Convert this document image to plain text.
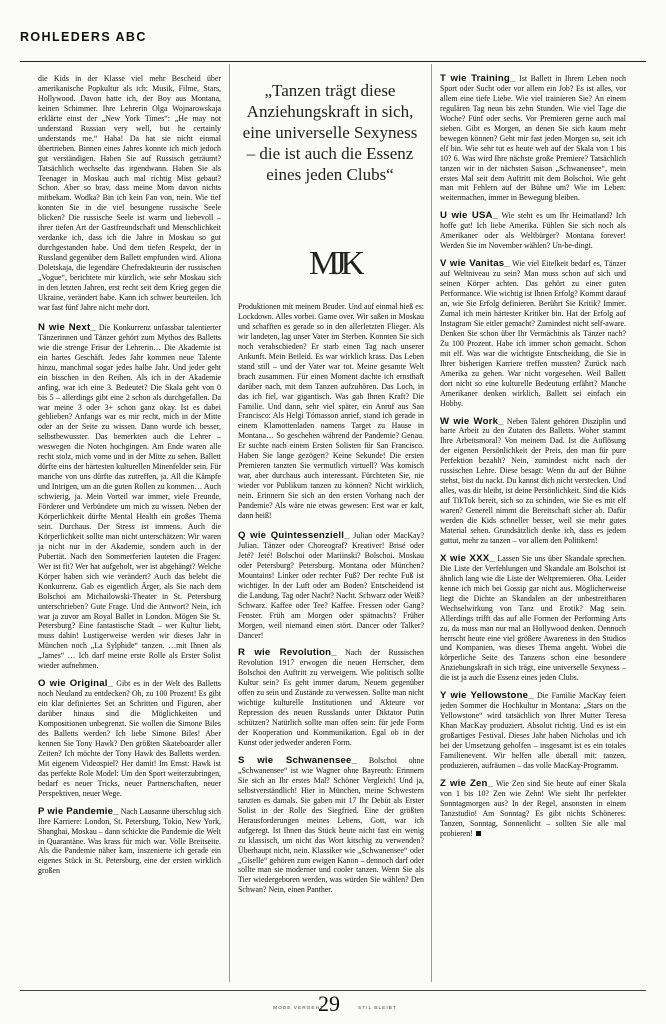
ROHLEDERS ABC

die Kids in der Klasse viel mehr Bescheid über amerikanische Popkultur als ich: Musik, Filme, Stars, Hollywood. Davon hatte ich, der Boy aus Montana, keinen Schimmer. Ihre Lehrerin Olga Wojnarowskaja erklärte einst der „New York Times“: „He may not understand Russian very well, but he certainly understands me.“ Haha! Da hat sie nicht einmal übertrieben. Binnen eines Jahres konnte ich mich jedoch gut verständigen. Haben Sie auf Russisch geträumt? Tatsächlich wechselte das irgendwann. Haben Sie als Teenager in Moskau auch mal richtig Mist gebaut? Schon. Aber so brav, dass meine Mom davon nichts mitbekam. Wodka? Bin ich kein Fan von, nein. Wie tief konnten Sie in die viel besungene russische Seele blicken? Die russische Seele ist warm und liebevoll – ihrer tiefen Art der Gastfreundschaft und Menschlichkeit verdanke ich, dass ich die Jahre in Moskau so gut durchgestanden habe. Und dem tiefen Respekt, der in Russland gegenüber dem Ballett empfunden wird. Aliona Doletskaja, die legendäre Chefredakteurin der russischen „Vogue“, berichtete mir kürzlich, wie sehr Moskau sich in den letzten Jahren, erst recht seit dem Krieg gegen die Ukraine, verändert habe. Kann ich schwer beurteilen. Ich war fast fünf Jahre nicht mehr dort.

N wie Next_ Die Konkurrenz unfassbar talentierter Tänzerinnen und Tänzer gehört zum Mythos des Balletts wie die strenge Frisur der Lehrerin… Die Akademie ist ein hartes Geschäft. Jedes Jahr kommen neue Talente hinzu, manchmal sogar jedes halbe Jahr. Und jeder geht ein bisschen in den Reihen. Als ich in der Akademie anfing, war ich eine 3. Bedeutet? Die Skala geht von 0 bis 5 – allerdings gibt eine 2 schon als durchgefallen. Da war meine 3 oder 3+ schon ganz okay. Ist es dabei geblieben? Anfangs war es mir recht, mich in der Mitte oder an der Seite zu wissen. Dann wurde ich besser, selbstbewusster. Das bemerkten auch die Lehrer – weswegen die Noten hochgingen. Am Ende waren alle recht stolz, mich vorne und in der Mitte zu sehen. Ballett dürfte eins der härtesten kulturellen Minenfelder sein. Für manche von uns dürfte das zutreffen, ja. All die Kämpfe und Intrigen, um an die guten Rollen zu kommen… Auch schwierig, ja. Mein Vorteil war immer, viele Freunde, Förderer und Verbündete um mich zu wissen. Neben der Körperlichkeit dürfte Mental Health ein großes Thema sein. Durchaus. Der Stress ist immens. Auch die Körperlichkeit sollte man nicht unterschätzen: Wir waren ja nicht nur in der Akademie, sondern auch in der Pubertät. Nach den Sommerferien lauteten die Fragen: Wer ist fit? Wer hat aufgeholt, wer ist abgehängt? Welche Körper haben sich wie verändert? Auch das belebt die Konkurrenz. Gab es eigentlich Ärger, als Sie nach dem Bolschoi am Michailowski-Theater in St. Petersburg unterschrieben? Gute Frage. Und die Antwort? Nein, ich war ja zuvor am Royal Ballet in London. Mögen Sie St. Petersburg? Eine fantastische Stadt – wer Kultur liebt, muss dahin! Lustigerweise werden wir dieses Jahr in München noch „La Sylphide“ tanzen. …mit Ihnen als „James“ … Ich darf meine erste Rolle als Erster Solist wieder aufnehmen.

O wie Original_ Gibt es in der Welt des Balletts noch Neuland zu entdecken? Oh, zu 100 Prozent! Es gibt ein klar definiertes Set an Schritten und Figuren, aber darüber hinaus sind die Möglichkeiten und Kompositionen unbegrenzt. Sie wollen die Simone Biles des Balletts werden? Ich liebe Simone Biles! Aber kennen Sie Tony Hawk? Den größten Skateboarder aller Zeiten? Ich möchte der Tony Hawk des Balletts werden. Mit eigenem Videospiel? Her damit! Im Ernst: Hawk ist das perfekte Role Model: Um den Sport weiterzubringen, bedarf es neuer Tricks, neuer Partnerschaften, neuer Perspektiven, neuer Wege.

P wie Pandemie_ Nach Lausanne überschlug sich Ihre Karriere: London, St. Petersburg, Tokio, New York, Shanghai, Moskau – dann schickte die Pandemie die Welt in Quarantäne. Was krass für mich war. Volle Breitseite. Als die Pandemie näher kam, inszenierte ich gerade ein eigenes Stück in St. Petersburg, eine der ersten wirklich großen

„Tanzen trägt diese Anziehungskraft in sich, eine universelle Sexyness – die ist auch die Essenz eines jeden Clubs“
MJK

Produktionen mit meinem Bruder. Und auf einmal hieß es: Lockdown. Alles vorbei. Game over. Wir saßen in Moskau und schafften es gerade so in den allerletzten Flieger. Als wir landeten, lag unser Vater im Sterben. Konnten Sie sich noch verabschieden? Er starb einen Tag nach unserer Ankunft. Mein Beileid. Es war wirklich krass. Das Leben stand still – und der Vater war tot. Meine gesamte Welt brach zusammen. Für einen Moment dachte ich ernsthaft darüber nach, mit dem Tanzen aufzuhören. Das Loch, in das ich fiel, war gigantisch. Was gab Ihnen Kraft? Die Familie. Und dann, sehr viel später, ein Anruf aus San Francisco: Als Helgi Tómasson anrief, stand ich gerade in einem Klamottenladen namens Target zu Hause in Montana… So geschehen während der Pandemie? Genau. Er suchte nach einem Ersten Solisten für San Francisco. Haben Sie lange gezögert? Keine Sekunde! Die ersten Premieren tanzten Sie vermutlich virtuell? Was komisch war, aber durchaus auch interessant. Fürchteten Sie, nie wieder vor Publikum tanzen zu können? Nicht wirklich, nein. Erinnern Sie sich an den ersten Vorhang nach der Pandemie? Als wäre nie etwas gewesen: Erst war er kalt, dann heiß!

Q wie Quintessenziell_ Julian oder MacKay? Julian. Tänzer oder Choreograf? Kreativer! Brisé oder Jeté? Jeté! Bolschoi oder Mariinski? Bolschoi. Moskau oder Petersburg? Petersburg. Montana oder München? Mountains! Linker oder rechter Fuß? Der rechte Fuß ist wichtiger. In der Luft oder am Boden? Entscheidend ist die Landung. Tag oder Nacht? Nacht. Schwarz oder Weiß? Schwarz. Kaffee oder Tee? Kaffee. Fressen oder Gang? Fenster. Früh am Morgen oder spätnachts? Früher Morgen, weil niemand einen stört. Dancer oder Talker? Dancer!

R wie Revolution_ Nach der Russischen Revolution 1917 erwogen die neuen Herrscher, dem Bolschoi den Auftritt zu verweigern. Wie politisch sollte Kultur sein? Es geht immer darum, Neuem gegenüber offen zu sein und Zustände zu verwessen. Sollte man nicht wichtige kulturelle Institutionen und Akteure vor Repression des neuen Russlands unter Diktator Putin schützen? Natürlich sollte man offen sein: für jede Form der Kooperation und Kommunikation. Egal ob in der Kunst oder jedweder anderen Form.

S wie Schwanensee_ Bolschoi ohne „Schwanensee“ ist wie Wagner ohne Bayreuth: Erinnern Sie sich an Ihr erstes Mal? Schöner Vergleich! Und ja, selbstverständlich! Hier in München, meine Schwestern tanzten es damals. Sie gaben mit 17 Ihr Debüt als Erster Solist in der Rolle des Siegfried. Eine der größten Herausforderungen meines Lebens, Gott, war ich aufgeregt. Ist Ihnen das Stück heute nicht fast ein wenig zu klassisch, um nicht das Wort kitschig zu verwenden? Überhaupt nicht, nein. Klassiker wie „Schwanensee“ oder „Giselle“ gehören zum ewigen Kanon – dennoch darf oder sollte man sie moderner und cooler tanzen. Wenn Sie als Tier wiedergeboren werden, was würden Sie wählen? Den Schwan? Nein, einen Panther.

T wie Training_ Ist Ballett in Ihrem Leben noch Sport oder Sucht oder vor allem ein Job? Es ist alles, vor allem eine tiefe Liebe. Wie viel trainieren Sie? An einem regulären Tag neun bis zehn Stunden. Wie viel Tage die Woche? Fünf oder sechs. Vor Premieren gerne auch mal sieben. Gibt es Morgen, an denen Sie sich kaum mehr bewegen können? Geht mir fast jeden Morgen so, seit ich elf bin. Wie sehr tut es heute weh auf der Skala von 1 bis 10? 6. Was wird Ihre nächste große Premiere? Tatsächlich tanzen wir in der nächsten Saison „Schwanensee“, mein erstes Mal seit dem Auftritt mit dem Bolschoi. Wie geht man mit Fehlern auf der Bühne um? Wie im Leben: weitermachen, immer in Bewegung bleiben.

U wie USA_ Wie steht es um Ihr Heimatland? Ich hoffe gut! Ich liebe Amerika. Fühlen Sie sich noch als Amerikaner oder als Weltbürger? Montana forever! Werden Sie im November wählen? Un-be-dingt.

V wie Vanitas_ Wie viel Eitelkeit bedarf es, Tänzer auf Weltniveau zu sein? Man muss schon auf sich und seinen Körper achten. Das gehört zu einer guten Performance. Wie wichtig ist Ihnen Erfolg? Kommt darauf an, wie Sie Erfolg definieren. Berührt Sie Kritik? Immer. Zumal ich mein härtester Kritiker bin. Hat der Erfolg auf Instagram Sie eitler gemacht? Zumindest nicht self-aware. Denken Sie schon über Ihr Vermächtnis als Tänzer nach? Zu 100 Prozent. Habe ich immer schon gemacht. Schon mit elf. Was war die wichtigste Entscheidung, die Sie in Ihrer bisherigen Karriere treffen mussten? Zurück nach Amerika zu gehen. War nicht vorgesehen. Weil Ballett dort nicht so eine kulturelle Bedeutung erfährt? Manche Amerikaner denken wirklich, Ballett sei einfach ein Hobby.

W wie Work_ Neben Talent gehören Disziplin und harte Arbeit zu den Zutaten des Balletts. Woher stammt Ihre Arbeitsmoral? Von meinem Dad. Ist die Auflösung der eigenen Persönlichkeit der Preis, den man für pure Perfektion bezahlt? Nein, zumindest nicht nach der russischen Lehre. Diese besagt: Wenn du auf der Bühne stehst, bist du nackt. Du kannst dich nicht verstecken. Und alles, was dir bleibt, ist deine Persönlichkeit. Sind die Kids auf TikTok bereit, sich so zu schinden, wie Sie es mit elf waren? Generell nimmt die Bereitschaft sicher ab. Dafür werden die Kids schneller besser, weil sie mehr gutes Material sehen. Grundsätzlich denke ich, dass es jedem guttut, mehr zu tanzen – vor allem den Politikern!

X wie XXX_ Lassen Sie uns über Skandale sprechen. Die Liste der Verfehlungen und Skandale am Bolschoi ist ähnlich lang wie die Liste der Weltpremieren. Oha. Leider kenne ich mich bei Gossip gar nicht aus. Möglicherweise liegt die Dichte an Skandalen an der unbestreitbaren Wechselwirkung von Tanz und Erotik? Mag sein. Allerdings trifft das auf alle Formen der Performing Arts zu, da muss man nur mal an Hollywood denken. Dennoch herrscht heute eine viel größere Awareness in den Studios und Kompanien, was dieses Thema angeht. Wobei die körperliche Seite des Tanzens schon eine besondere Anziehungskraft in sich trägt, eine universelle Sexyness – die ist ja auch die Essenz eines jeden Clubs.

Y wie Yellowstone_ Die Familie MacKay feiert jeden Sommer die Hochkultur in Montana: „Stars on the Yellowstone“ wird tatsächlich von Ihrer Mutter Teresa Khan MacKay produziert. Absolut richtig. Und es ist ein großartiges Festival. Dieses Jahr haben Nicholas und ich bei der Umsetzung geholfen – insgesamt ist es ein totales Familienevent. Wir helfen alle überall mit: tanzen, produzieren, aufräumen – das volle MacKay-Programm.

Z wie Zen_ Wie Zen sind Sie heute auf einer Skala von 1 bis 10? Zen wie Zehn! Wie sieht Ihr perfekter Sonntagmorgen aus? In der Regel, ansonsten in einem Tanzstudio! Am Sonntag? Es gibt nichts Schöneres: Tanzen, Sonntag, Sonnenlicht – sollten Sie alle mal probieren!

MODE VERGEHT
29	STIL BLEIBT
